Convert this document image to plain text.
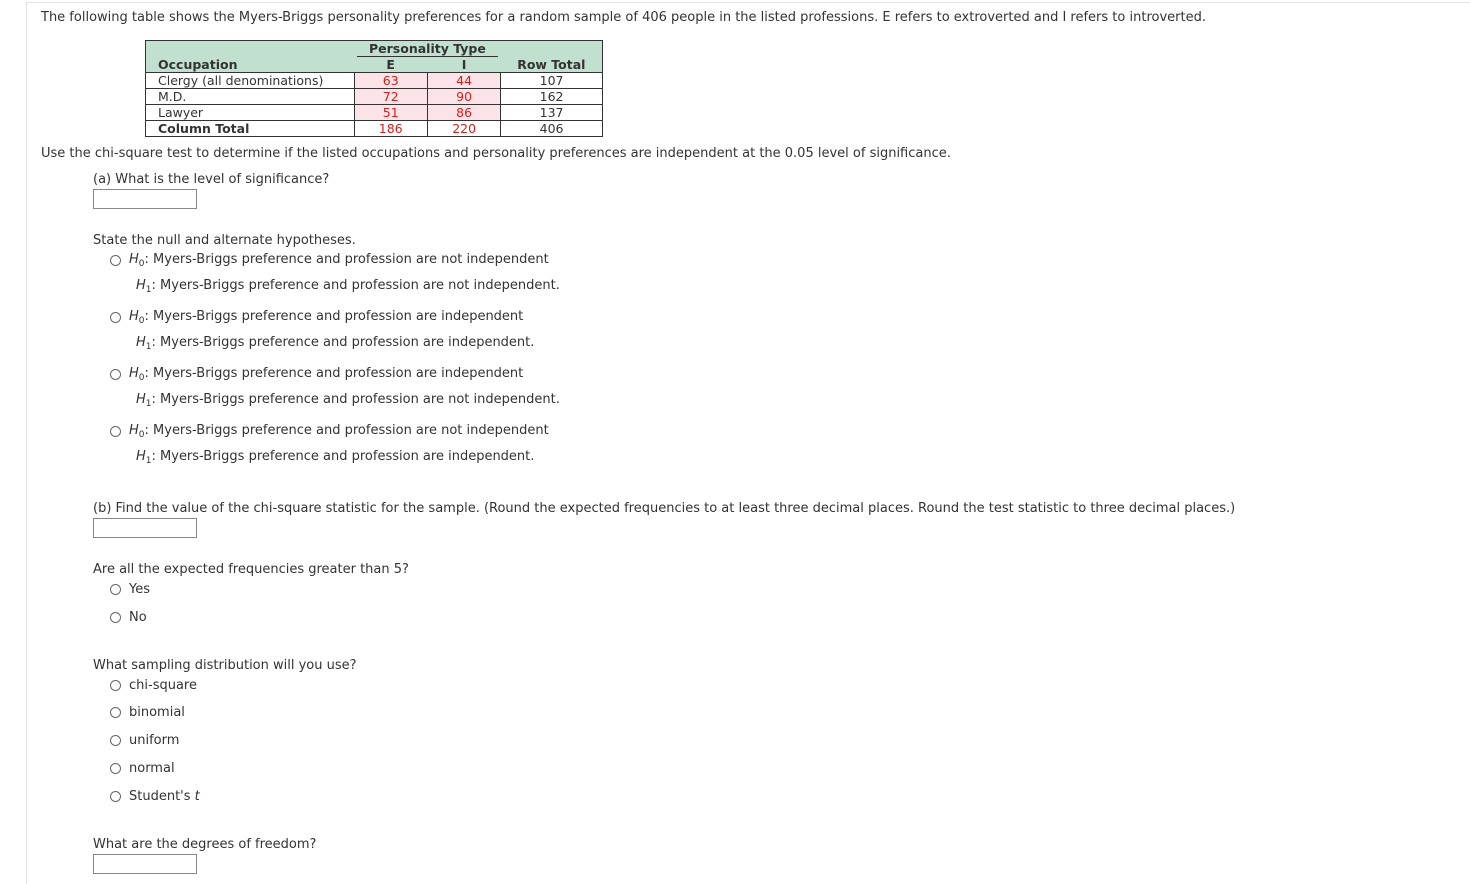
The following table shows the Myers-Briggs personality preferences for a random sample of 406 people in the listed professions. E refers to extroverted and I refers to introverted.
Occupation	Personality Type		Row Total
	E	I	
Clergy (all denominations)	63	44	107
M.D.	72	90	162
Lawyer	51	86	137
Column Total	186	220	406
Use the chi-square test to determine if the listed occupations and personality preferences are independent at the 0.05 level of significance.
(a) What is the level of significance?
State the null and alternate hypotheses.
$H_0$: Myers-Briggs preference and profession are not independent
$H_1$: Myers-Briggs preference and profession are not independent.
$H_0$: Myers-Briggs preference and profession are independent
$H_1$: Myers-Briggs preference and profession are independent.
$H_0$: Myers-Briggs preference and profession are independent
$H_1$: Myers-Briggs preference and profession are not independent.
$H_0$: Myers-Briggs preference and profession are not independent
$H_1$: Myers-Briggs preference and profession are independent.
(b) Find the value of the chi-square statistic for the sample. (Round the expected frequencies to at least three decimal places. Round the test statistic to three decimal places.)
Are all the expected frequencies greater than 5?
Yes
No
What sampling distribution will you use?
chi-square
binomial
uniform
normal
Student's t
What are the degrees of freedom?
